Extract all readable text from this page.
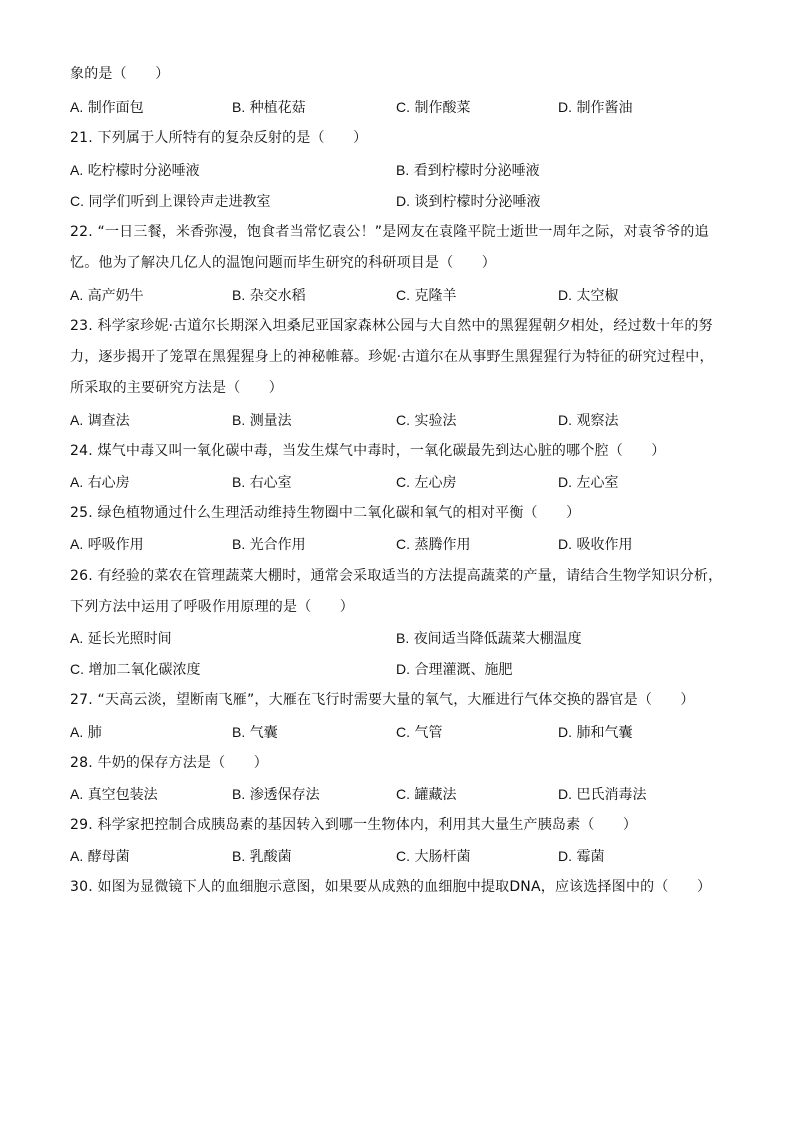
象的是（　　）
A. 制作面包	B. 种植花菇	C. 制作酸菜	D. 制作酱油
21. 下列属于人所特有的复杂反射的是（　　）
A. 吃柠檬时分泌唾液	B. 看到柠檬时分泌唾液
C. 同学们听到上课铃声走进教室	D. 谈到柠檬时分泌唾液
22. “一日三餐，米香弥漫，饱食者当常忆袁公！”是网友在袁隆平院士逝世一周年之际，对袁爷爷的追
忆。他为了解决几亿人的温饱问题而毕生研究的科研项目是（　　）
A. 高产奶牛	B. 杂交水稻	C. 克隆羊	D. 太空椒
23. 科学家珍妮·古道尔长期深入坦桑尼亚国家森林公园与大自然中的黑猩猩朝夕相处，经过数十年的努
力，逐步揭开了笼罩在黑猩猩身上的神秘帷幕。珍妮·古道尔在从事野生黑猩猩行为特征的研究过程中，
所采取的主要研究方法是（　　）
A. 调查法	B. 测量法	C. 实验法	D. 观察法
24. 煤气中毒又叫一氧化碳中毒，当发生煤气中毒时，一氧化碳最先到达心脏的哪个腔（　　）
A. 右心房	B. 右心室	C. 左心房	D. 左心室
25. 绿色植物通过什么生理活动维持生物圈中二氧化碳和氧气的相对平衡（　　）
A. 呼吸作用	B. 光合作用	C. 蒸腾作用	D. 吸收作用
26. 有经验的菜农在管理蔬菜大棚时，通常会采取适当的方法提高蔬菜的产量，请结合生物学知识分析，
下列方法中运用了呼吸作用原理的是（　　）
A. 延长光照时间	B. 夜间适当降低蔬菜大棚温度
C. 增加二氧化碳浓度	D. 合理灌溉、施肥
27. “天高云淡，望断南飞雁”，大雁在飞行时需要大量的氧气，大雁进行气体交换的器官是（　　）
A. 肺	B. 气囊	C. 气管	D. 肺和气囊
28. 牛奶的保存方法是（　　）
A. 真空包装法	B. 渗透保存法	C. 罐藏法	D. 巴氏消毒法
29. 科学家把控制合成胰岛素的基因转入到哪一生物体内，利用其大量生产胰岛素（　　）
A. 酵母菌	B. 乳酸菌	C. 大肠杆菌	D. 霉菌
30. 如图为显微镜下人的血细胞示意图，如果要从成熟的血细胞中提取DNA，应该选择图中的（　　）
